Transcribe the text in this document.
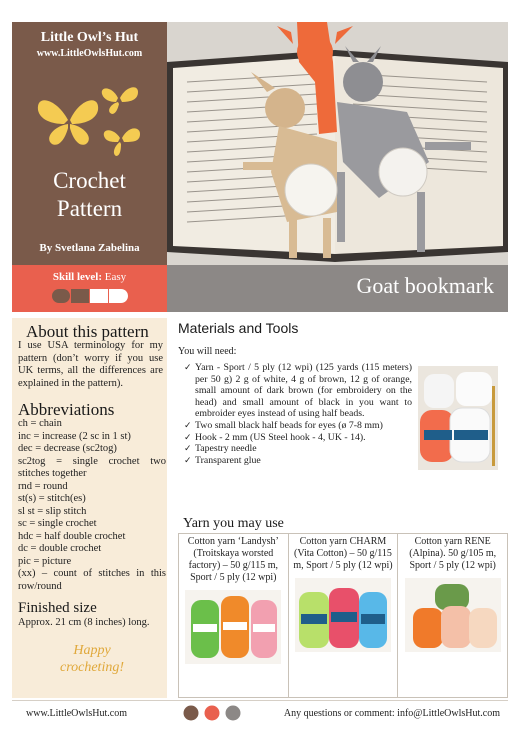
Little Owl’s Hut
www.LittleOwlsHut.com
Crochet
Pattern
By Svetlana Zabelina
Skill level: Easy	Goat bookmark
About this pattern
I use USA terminology for my pattern (don’t worry if you use UK terms, all the differences are explained in the pattern).
Abbreviations
ch = chain
inc = increase (2 sc in 1 st)
dec = decrease (sc2tog)
sc2tog = single crochet two stitches together
rnd = round
st(s) = stitch(es)
sl st = slip stitch
sc = single crochet
hdc = half double crochet
dc = double crochet
pic = picture
(xx) – count of stitches in this row/round
Finished size
Approx. 21 cm (8 inches) long.
Happy
crocheting!
Materials and Tools
You will need:
✓ Yarn - Sport / 5 ply (12 wpi) (125 yards (115 meters) per 50 g) 2 g of white, 4 g of brown, 12 g of orange, small amount of dark brown (for embroidery on the head) and small amount of black in you want to embroider eyes instead of using half beads.
✓ Two small black half beads for eyes (ø 7-8 mm)
✓ Hook - 2 mm (US Steel hook - 4, UK - 14).
✓ Tapestry needle
✓ Transparent glue
Yarn you may use
Cotton yarn ‘Landysh’ (Troitskaya worsted factory) – 50 g/115 m, Sport / 5 ply (12 wpi)

Cotton yarn CHARM (Vita Cotton) – 50 g/115 m, Sport / 5 ply (12 wpi)

Cotton yarn RENE (Alpina). 50 g/105 m, Sport / 5 ply (12 wpi)
www.LittleOwlsHut.com	Any questions or comment: info@LittleOwlsHut.com
